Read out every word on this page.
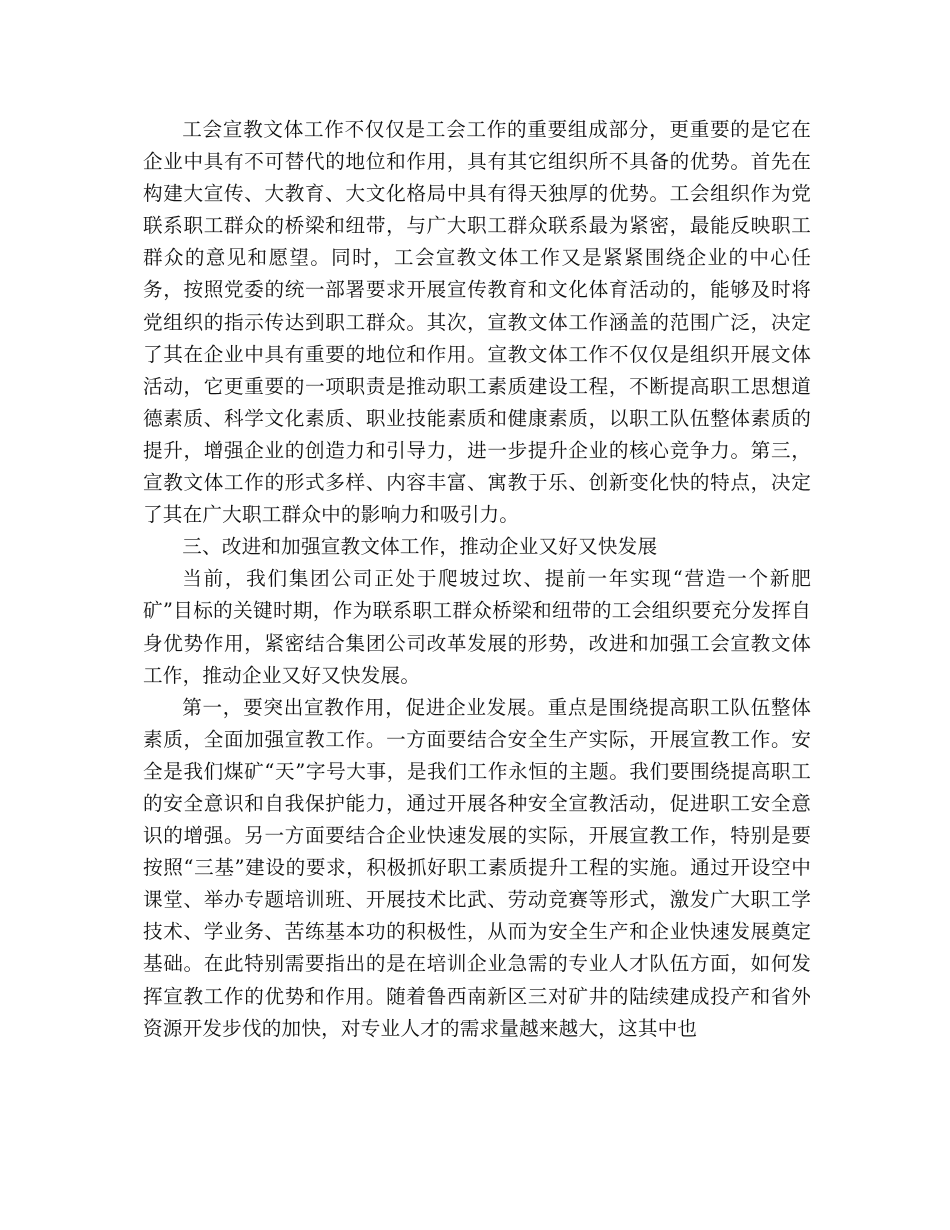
工会宣教文体工作不仅仅是工会工作的重要组成部分，更重要的是它在企业中具有不可替代的地位和作用，具有其它组织所不具备的优势。首先在构建大宣传、大教育、大文化格局中具有得天独厚的优势。工会组织作为党联系职工群众的桥梁和纽带，与广大职工群众联系最为紧密，最能反映职工群众的意见和愿望。同时，工会宣教文体工作又是紧紧围绕企业的中心任务，按照党委的统一部署要求开展宣传教育和文化体育活动的，能够及时将党组织的指示传达到职工群众。其次，宣教文体工作涵盖的范围广泛，决定了其在企业中具有重要的地位和作用。宣教文体工作不仅仅是组织开展文体活动，它更重要的一项职责是推动职工素质建设工程，不断提高职工思想道德素质、科学文化素质、职业技能素质和健康素质，以职工队伍整体素质的提升，增强企业的创造力和引导力，进一步提升企业的核心竞争力。第三，宣教文体工作的形式多样、内容丰富、寓教于乐、创新变化快的特点，决定了其在广大职工群众中的影响力和吸引力。

三、改进和加强宣教文体工作，推动企业又好又快发展

当前，我们集团公司正处于爬坡过坎、提前一年实现“营造一个新肥矿”目标的关键时期，作为联系职工群众桥梁和纽带的工会组织要充分发挥自身优势作用，紧密结合集团公司改革发展的形势，改进和加强工会宣教文体工作，推动企业又好又快发展。

第一，要突出宣教作用，促进企业发展。重点是围绕提高职工队伍整体素质，全面加强宣教工作。一方面要结合安全生产实际，开展宣教工作。安全是我们煤矿“天”字号大事，是我们工作永恒的主题。我们要围绕提高职工的安全意识和自我保护能力，通过开展各种安全宣教活动，促进职工安全意识的增强。另一方面要结合企业快速发展的实际，开展宣教工作，特别是要按照“三基”建设的要求，积极抓好职工素质提升工程的实施。通过开设空中课堂、举办专题培训班、开展技术比武、劳动竞赛等形式，激发广大职工学技术、学业务、苦练基本功的积极性，从而为安全生产和企业快速发展奠定基础。在此特别需要指出的是在培训企业急需的专业人才队伍方面，如何发挥宣教工作的优势和作用。随着鲁西南新区三对矿井的陆续建成投产和省外资源开发步伐的加快，对专业人才的需求量越来越大，这其中也
